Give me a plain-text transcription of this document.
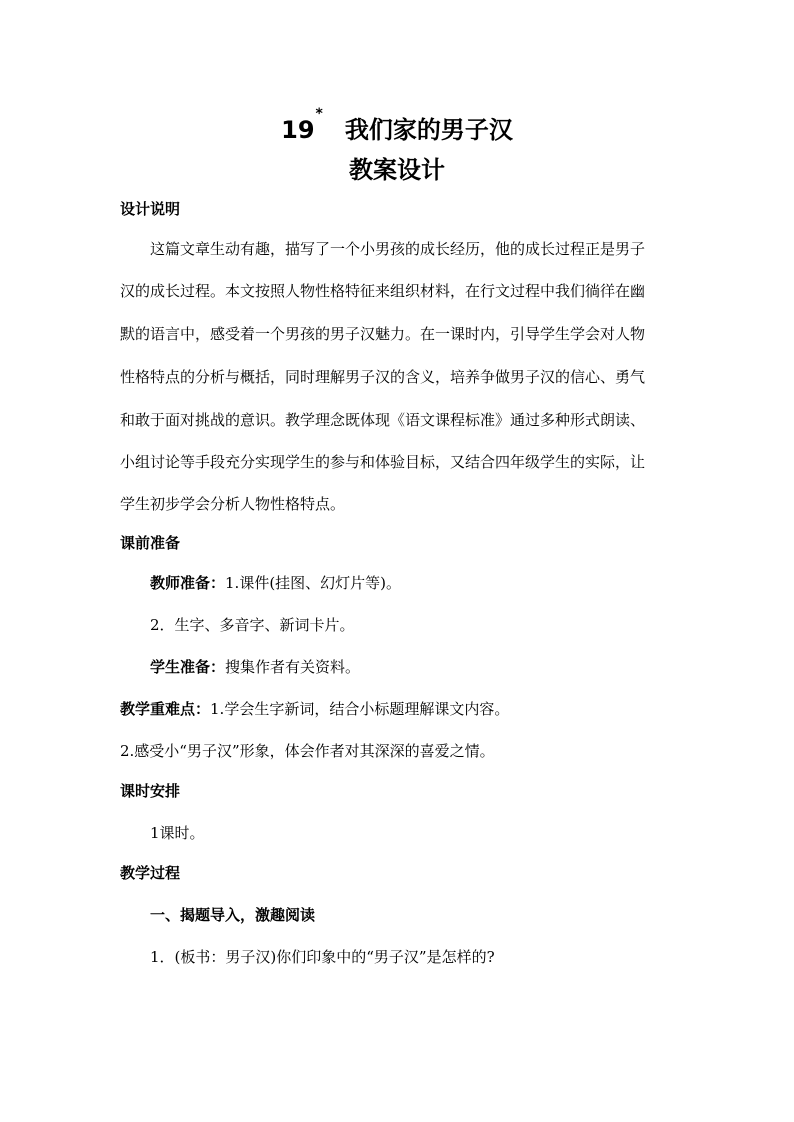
19*我们家的男子汉
教案设计
设计说明
这篇文章生动有趣，描写了一个小男孩的成长经历，他的成长过程正是男子
汉的成长过程。本文按照人物性格特征来组织材料，在行文过程中我们徜徉在幽
默的语言中，感受着一个男孩的男子汉魅力。在一课时内，引导学生学会对人物
性格特点的分析与概括，同时理解男子汉的含义，培养争做男子汉的信心、勇气
和敢于面对挑战的意识。教学理念既体现《语文课程标准》通过多种形式朗读、
小组讨论等手段充分实现学生的参与和体验目标，又结合四年级学生的实际，让
学生初步学会分析人物性格特点。
课前准备
教师准备：1.课件(挂图、幻灯片等)。
2．生字、多音字、新词卡片。
学生准备：搜集作者有关资料。
教学重难点：1.学会生字新词，结合小标题理解课文内容。
2.感受小“男子汉”形象，体会作者对其深深的喜爱之情。
课时安排
1课时。
教学过程
一、揭题导入，激趣阅读
1．(板书：男子汉)你们印象中的“男子汉”是怎样的?
